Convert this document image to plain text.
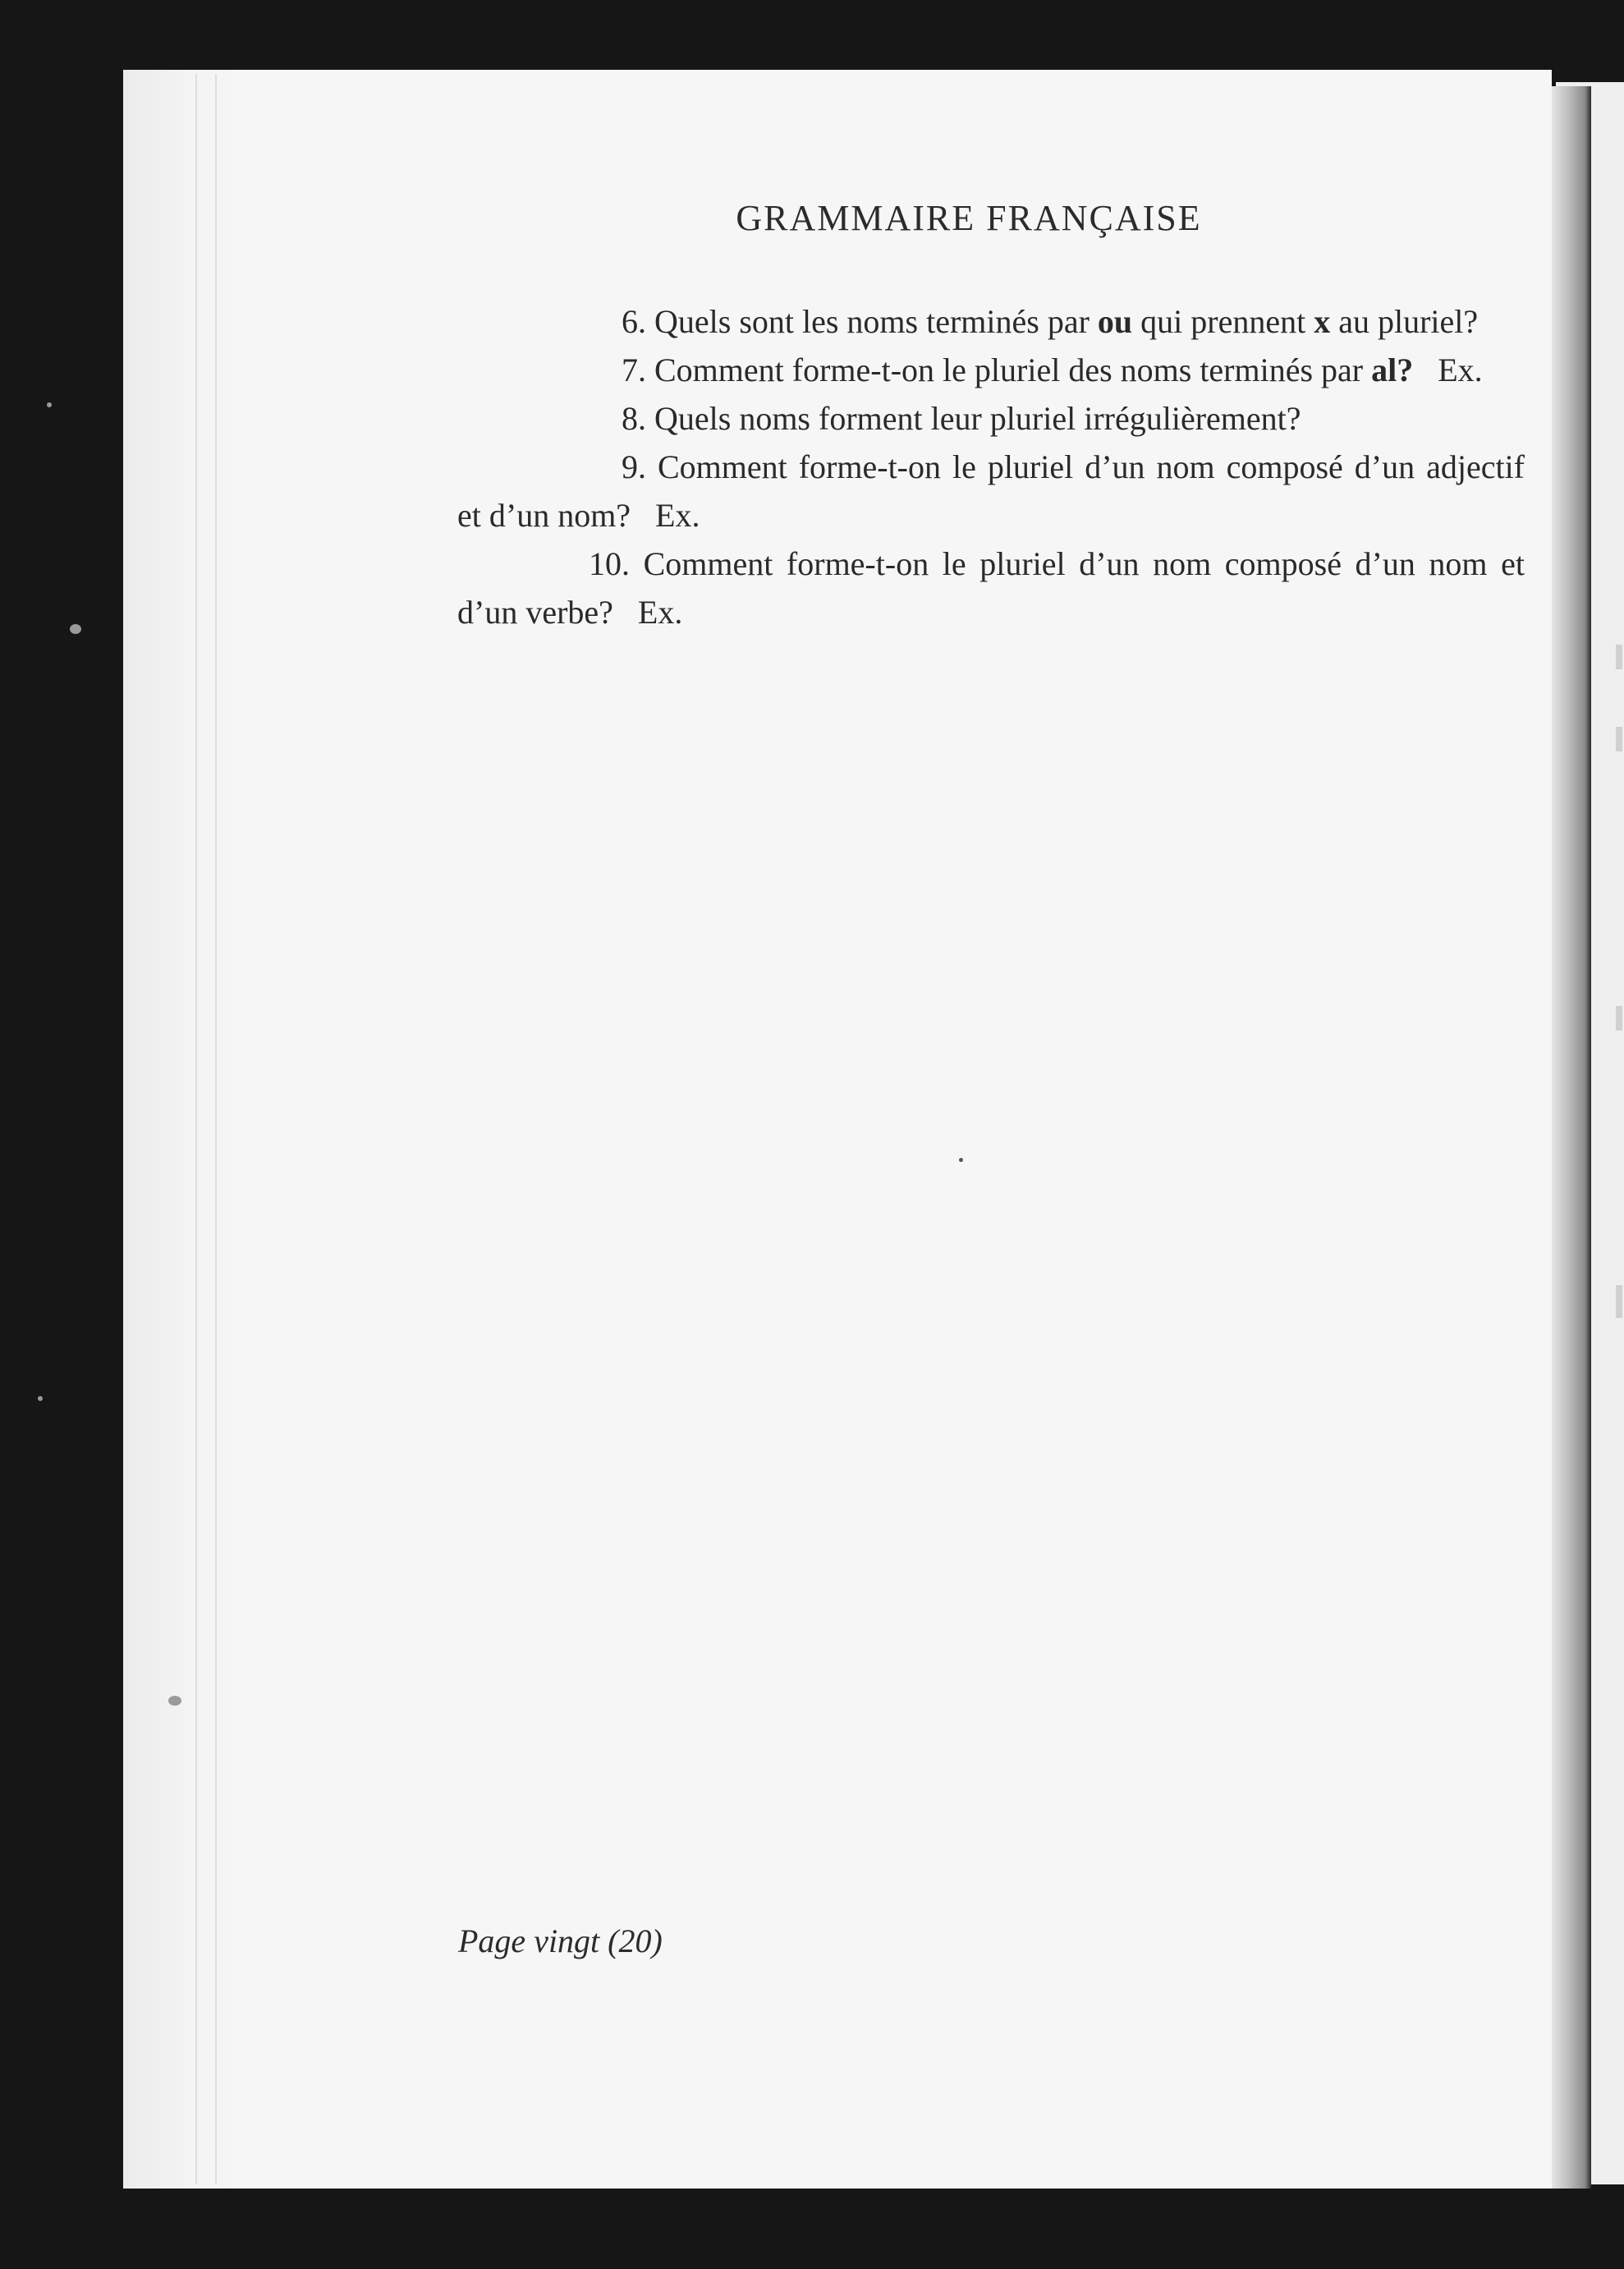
GRAMMAIRE FRANÇAISE

6. Quels sont les noms terminés par ou qui prennent x au pluriel?

7. Comment forme-t-on le pluriel des noms terminés par al?   Ex.

8. Quels noms forment leur pluriel irrégulièrement?

9. Comment forme-t-on le pluriel d’un nom composé d’un adjectif et d’un nom?   Ex.

10. Comment forme-t-on le pluriel d’un nom composé d’un nom et d’un verbe?   Ex.

Page vingt (20)
